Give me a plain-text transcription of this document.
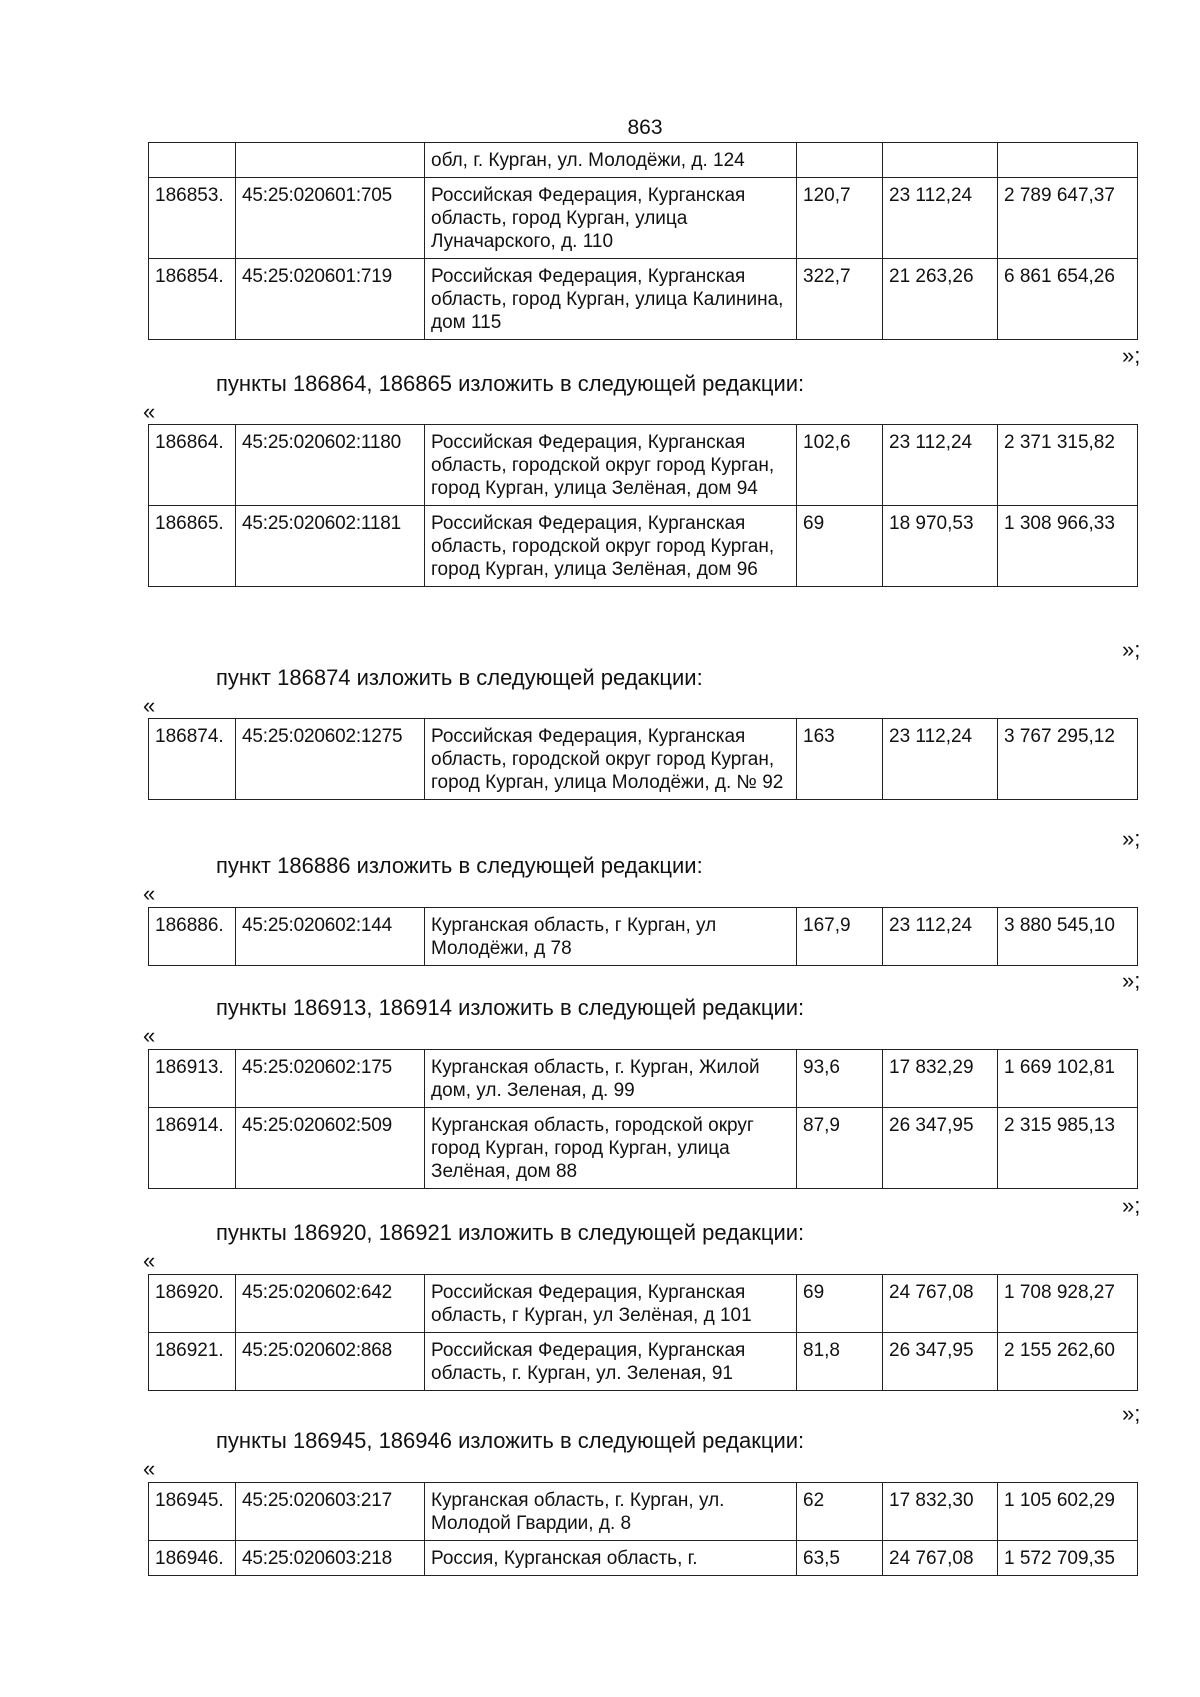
863
		обл, г. Курган, ул. Молодёжи, д. 124			
186853.	45:25:020601:705	Российская Федерация, Курганская область, город Курган, улица Луначарского, д. 110	120,7	23 112,24	2 789 647,37
186854.	45:25:020601:719	Российская Федерация, Курганская область, город Курган, улица Калинина, дом 115	322,7	21 263,26	6 861 654,26
»;
пункты 186864, 186865 изложить в следующей редакции:
«
186864.	45:25:020602:1180	Российская Федерация, Курганская область, городской округ город Курган, город Курган, улица Зелёная, дом 94	102,6	23 112,24	2 371 315,82
186865.	45:25:020602:1181	Российская Федерация, Курганская область, городской округ город Курган, город Курган, улица Зелёная, дом 96	69	18 970,53	1 308 966,33
»;
пункт 186874 изложить в следующей редакции:
«
186874.	45:25:020602:1275	Российская Федерация, Курганская область, городской округ город Курган, город Курган, улица Молодёжи, д. № 92	163	23 112,24	3 767 295,12
»;
пункт 186886 изложить в следующей редакции:
«
186886.	45:25:020602:144	Курганская область, г Курган, ул Молодёжи, д 78	167,9	23 112,24	3 880 545,10
»;
пункты 186913, 186914 изложить в следующей редакции:
«
186913.	45:25:020602:175	Курганская область, г. Курган, Жилой дом, ул. Зеленая, д. 99	93,6	17 832,29	1 669 102,81
186914.	45:25:020602:509	Курганская область, городской округ город Курган, город Курган, улица Зелёная, дом 88	87,9	26 347,95	2 315 985,13
»;
пункты 186920, 186921 изложить в следующей редакции:
«
186920.	45:25:020602:642	Российская Федерация, Курганская область, г Курган, ул Зелёная, д 101	69	24 767,08	1 708 928,27
186921.	45:25:020602:868	Российская Федерация, Курганская область, г. Курган, ул. Зеленая, 91	81,8	26 347,95	2 155 262,60
»;
пункты 186945, 186946 изложить в следующей редакции:
«
186945.	45:25:020603:217	Курганская область, г. Курган, ул. Молодой Гвардии, д. 8	62	17 832,30	1 105 602,29
186946.	45:25:020603:218	Россия, Курганская область, г.	63,5	24 767,08	1 572 709,35
